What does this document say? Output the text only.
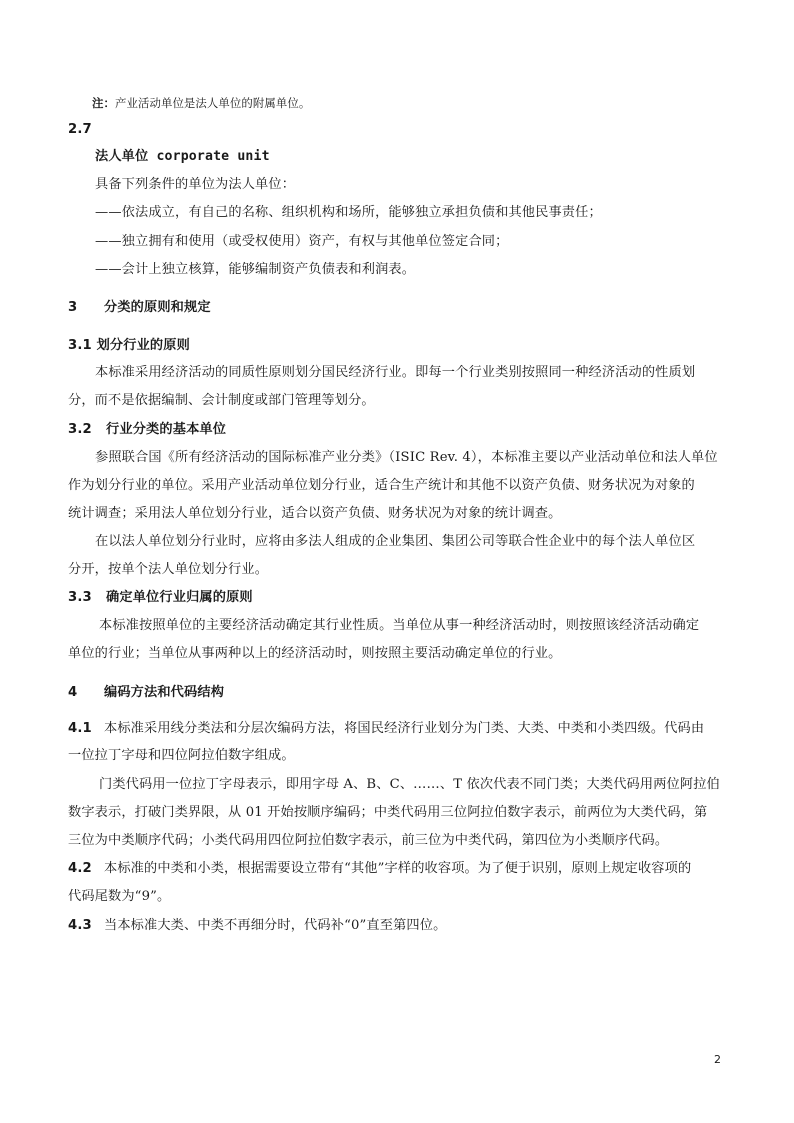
注：产业活动单位是法人单位的附属单位。
2.7
法人单位 corporate unit
具备下列条件的单位为法人单位：
——依法成立，有自己的名称、组织机构和场所，能够独立承担负债和其他民事责任；
——独立拥有和使用（或受权使用）资产，有权与其他单位签定合同；
——会计上独立核算，能够编制资产负债表和利润表。
3 分类的原则和规定
3.1 划分行业的原则
本标准采用经济活动的同质性原则划分国民经济行业。即每一个行业类别按照同一种经济活动的性质划
分，而不是依据编制、会计制度或部门管理等划分。
3.2 行业分类的基本单位
参照联合国《所有经济活动的国际标准产业分类》（ISIC Rev. 4），本标准主要以产业活动单位和法人单位
作为划分行业的单位。采用产业活动单位划分行业，适合生产统计和其他不以资产负债、财务状况为对象的
统计调查；采用法人单位划分行业，适合以资产负债、财务状况为对象的统计调查。
在以法人单位划分行业时，应将由多法人组成的企业集团、集团公司等联合性企业中的每个法人单位区
分开，按单个法人单位划分行业。
3.3 确定单位行业归属的原则
本标准按照单位的主要经济活动确定其行业性质。当单位从事一种经济活动时，则按照该经济活动确定
单位的行业；当单位从事两种以上的经济活动时，则按照主要活动确定单位的行业。
4 编码方法和代码结构
4.1 本标准采用线分类法和分层次编码方法，将国民经济行业划分为门类、大类、中类和小类四级。代码由
一位拉丁字母和四位阿拉伯数字组成。
门类代码用一位拉丁字母表示，即用字母 A、B、C、……、T 依次代表不同门类；大类代码用两位阿拉伯
数字表示，打破门类界限，从 01 开始按顺序编码；中类代码用三位阿拉伯数字表示，前两位为大类代码，第
三位为中类顺序代码；小类代码用四位阿拉伯数字表示，前三位为中类代码，第四位为小类顺序代码。
4.2 本标准的中类和小类，根据需要设立带有“其他”字样的收容项。为了便于识别，原则上规定收容项的
代码尾数为“9”。
4.3 当本标准大类、中类不再细分时，代码补“0”直至第四位。
2
